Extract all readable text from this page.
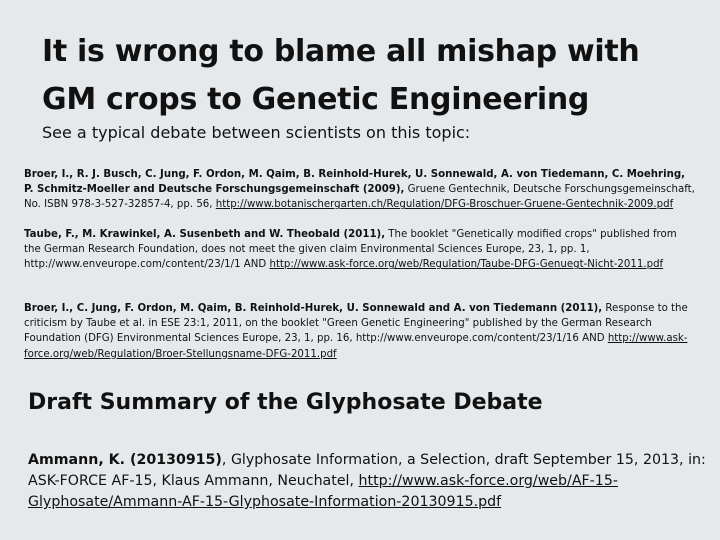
It is wrong to blame all mishap with
GM crops to Genetic Engineering
See a typical debate between scientists on this topic:
Broer, I., R. J. Busch, C. Jung, F. Ordon, M. Qaim, B. Reinhold-Hurek, U. Sonnewald, A. von Tiedemann, C. Moehring, P. Schmitz-Moeller and Deutsche Forschungsgemeinschaft (2009), Gruene Gentechnik, Deutsche Forschungsgemeinschaft, No. ISBN 978-3-527-32857-4, pp. 56, http://www.botanischergarten.ch/Regulation/DFG-Broschuer-Gruene-Gentechnik-2009.pdf
Taube, F., M. Krawinkel, A. Susenbeth and W. Theobald (2011), The booklet "Genetically modified crops" published from the German Research Foundation, does not meet the given claim Environmental Sciences Europe, 23, 1, pp. 1, http://www.enveurope.com/content/23/1/1 AND http://www.ask-force.org/web/Regulation/Taube-DFG-Genuegt-Nicht-2011.pdf
Broer, I., C. Jung, F. Ordon, M. Qaim, B. Reinhold-Hurek, U. Sonnewald and A. von Tiedemann (2011), Response to the criticism by Taube et al. in ESE 23:1, 2011, on the booklet "Green Genetic Engineering" published by the German Research Foundation (DFG) Environmental Sciences Europe, 23, 1, pp. 16, http://www.enveurope.com/content/23/1/16 AND http://www.ask-force.org/web/Regulation/Broer-Stellungsname-DFG-2011.pdf
Draft Summary of the Glyphosate Debate
Ammann, K. (20130915), Glyphosate Information, a Selection, draft September 15, 2013, in: ASK-FORCE AF-15, Klaus Ammann, Neuchatel, http://www.ask-force.org/web/AF-15-Glyphosate/Ammann-AF-15-Glyphosate-Information-20130915.pdf
